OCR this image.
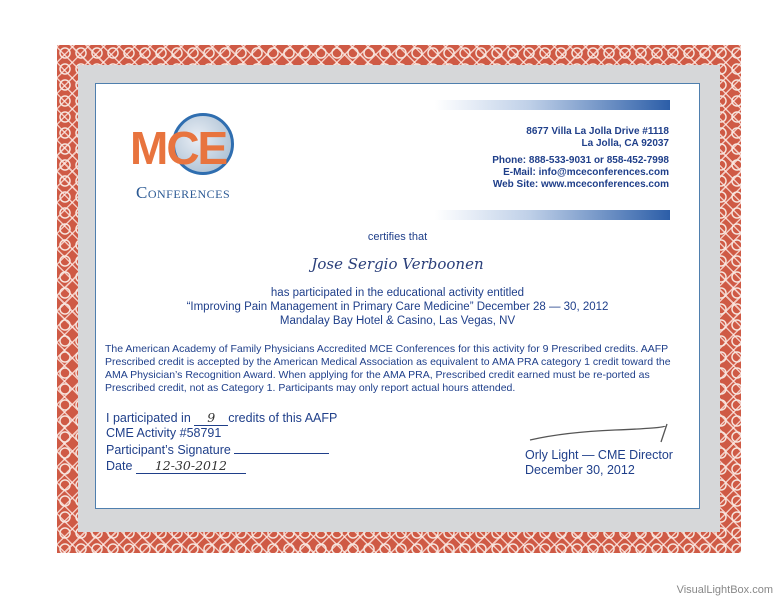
MCE
Conferences
8677 Villa La Jolla Drive #1118
La Jolla, CA 92037
Phone: 888-533-9031 or 858-452-7998
E-Mail: info@mceconferences.com
Web Site: www.mceconferences.com
certifies that
Jose Sergio Verboonen
has participated in the educational activity entitled
“Improving Pain Management in Primary Care Medicine” December 28 — 30, 2012
Mandalay Bay Hotel & Casino, Las Vegas, NV
The American Academy of Family Physicians Accredited MCE Conferences for this activity for 9 Prescribed credits. AAFP Prescribed credit is accepted by the American Medical Association as equivalent to AMA PRA category 1 credit toward the AMA Physician’s Recognition Award. When applying for the AMA PRA, Prescribed credit earned must be re-ported as Prescribed credit, not as Category 1. Participants may only report actual hours attended.
I participated in 9 credits of this AAFP
CME Activity #58791
Participant’s Signature
Date 12-30-2012
Orly Light — CME Director
December 30, 2012
VisualLightBox.com
